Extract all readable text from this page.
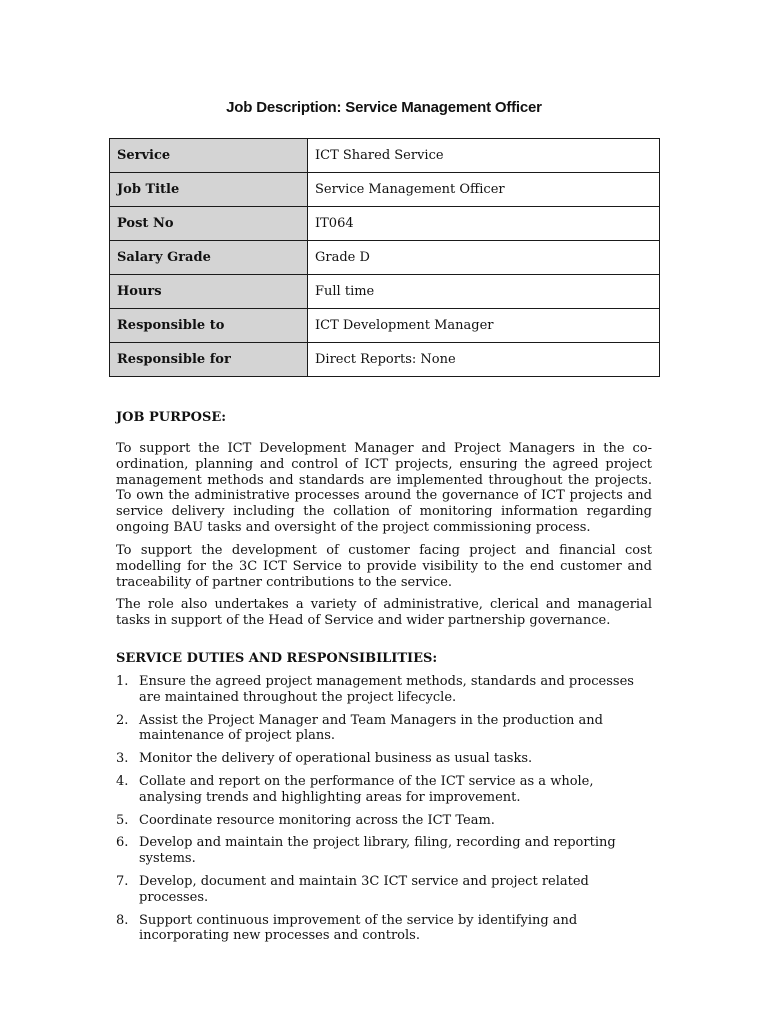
Job Description: Service Management Officer
Service	ICT Shared Service
Job Title	Service Management Officer
Post No	IT064
Salary Grade	Grade D
Hours	Full time
Responsible to	ICT Development Manager
Responsible for	Direct Reports: None
JOB PURPOSE:

To support the ICT Development Manager and Project Managers in the co-ordination, planning and control of ICT projects, ensuring the agreed project management methods and standards are implemented throughout the projects. To own the administrative processes around the governance of ICT projects and service delivery including the collation of monitoring information regarding ongoing BAU tasks and oversight of the project commissioning process.

To support the development of customer facing project and financial cost modelling for the 3C ICT Service to provide visibility to the end customer and traceability of partner contributions to the service.

The role also undertakes a variety of administrative, clerical and managerial tasks in support of the Head of Service and wider partnership governance.

SERVICE DUTIES AND RESPONSIBILITIES:
1. Ensure the agreed project management methods, standards and processes are maintained throughout the project lifecycle.
2. Assist the Project Manager and Team Managers in the production and maintenance of project plans.
3. Monitor the delivery of operational business as usual tasks.
4. Collate and report on the performance of the ICT service as a whole, analysing trends and highlighting areas for improvement.
5. Coordinate resource monitoring across the ICT Team.
6. Develop and maintain the project library, filing, recording and reporting systems.
7. Develop, document and maintain 3C ICT service and project related processes.
8. Support continuous improvement of the service by identifying and incorporating new processes and controls.
